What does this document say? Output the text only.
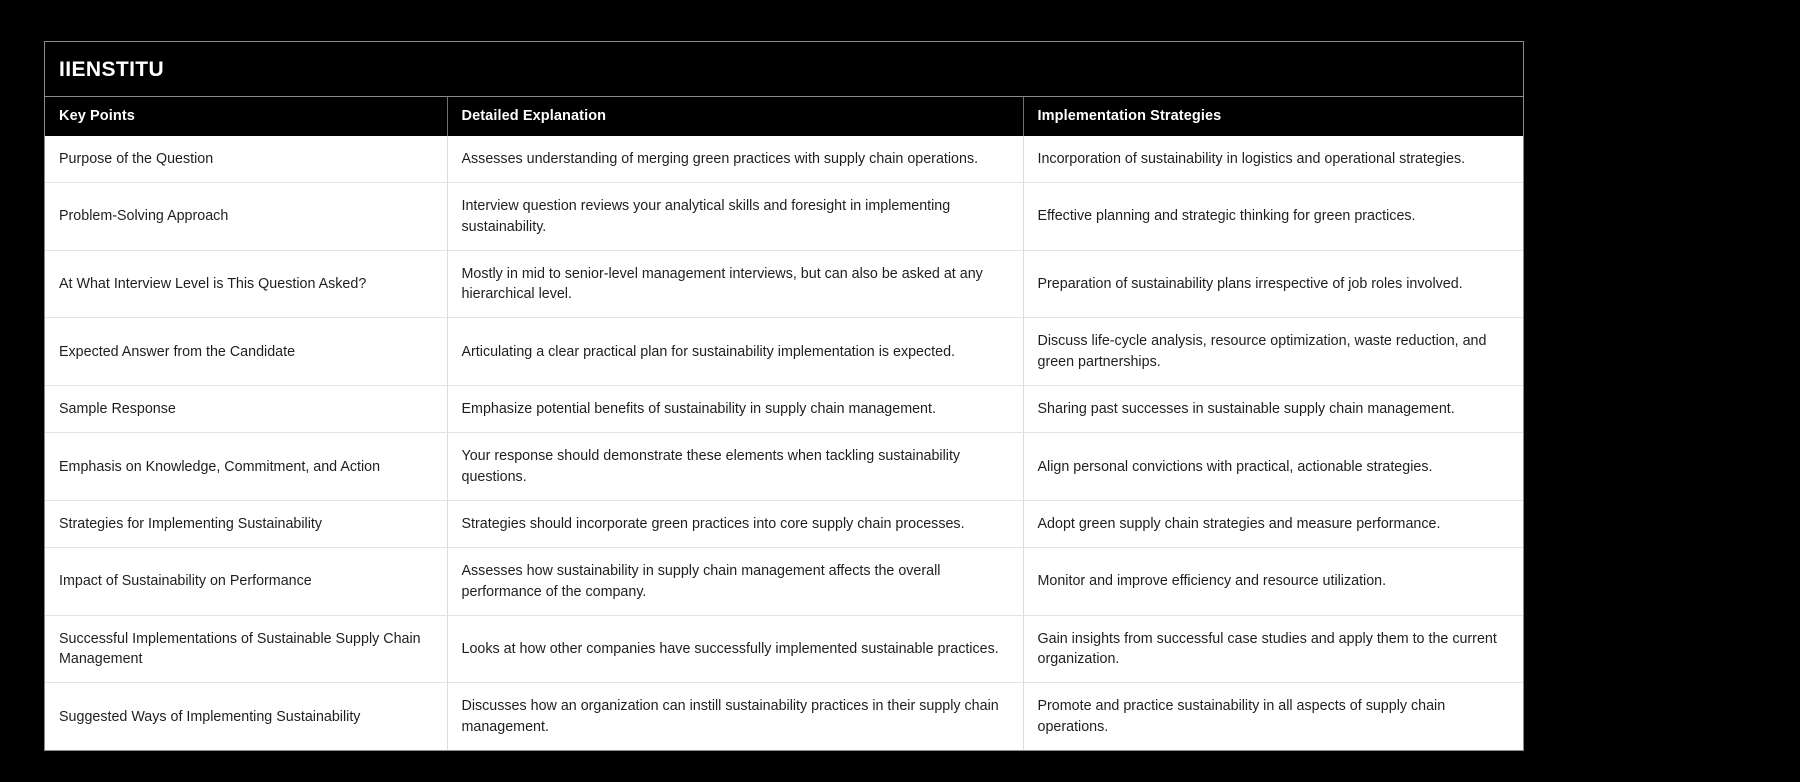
IIENSTITU
Key Points	Detailed Explanation	Implementation Strategies
Purpose of the Question	Assesses understanding of merging green practices with supply chain operations.	Incorporation of sustainability in logistics and operational strategies.
Problem-Solving Approach	Interview question reviews your analytical skills and foresight in implementing sustainability.	Effective planning and strategic thinking for green practices.
At What Interview Level is This Question Asked?	Mostly in mid to senior-level management interviews, but can also be asked at any hierarchical level.	Preparation of sustainability plans irrespective of job roles involved.
Expected Answer from the Candidate	Articulating a clear practical plan for sustainability implementation is expected.	Discuss life-cycle analysis, resource optimization, waste reduction, and green partnerships.
Sample Response	Emphasize potential benefits of sustainability in supply chain management.	Sharing past successes in sustainable supply chain management.
Emphasis on Knowledge, Commitment, and Action	Your response should demonstrate these elements when tackling sustainability questions.	Align personal convictions with practical, actionable strategies.
Strategies for Implementing Sustainability	Strategies should incorporate green practices into core supply chain processes.	Adopt green supply chain strategies and measure performance.
Impact of Sustainability on Performance	Assesses how sustainability in supply chain management affects the overall performance of the company.	Monitor and improve efficiency and resource utilization.
Successful Implementations of Sustainable Supply Chain Management	Looks at how other companies have successfully implemented sustainable practices.	Gain insights from successful case studies and apply them to the current organization.
Suggested Ways of Implementing Sustainability	Discusses how an organization can instill sustainability practices in their supply chain management.	Promote and practice sustainability in all aspects of supply chain operations.
